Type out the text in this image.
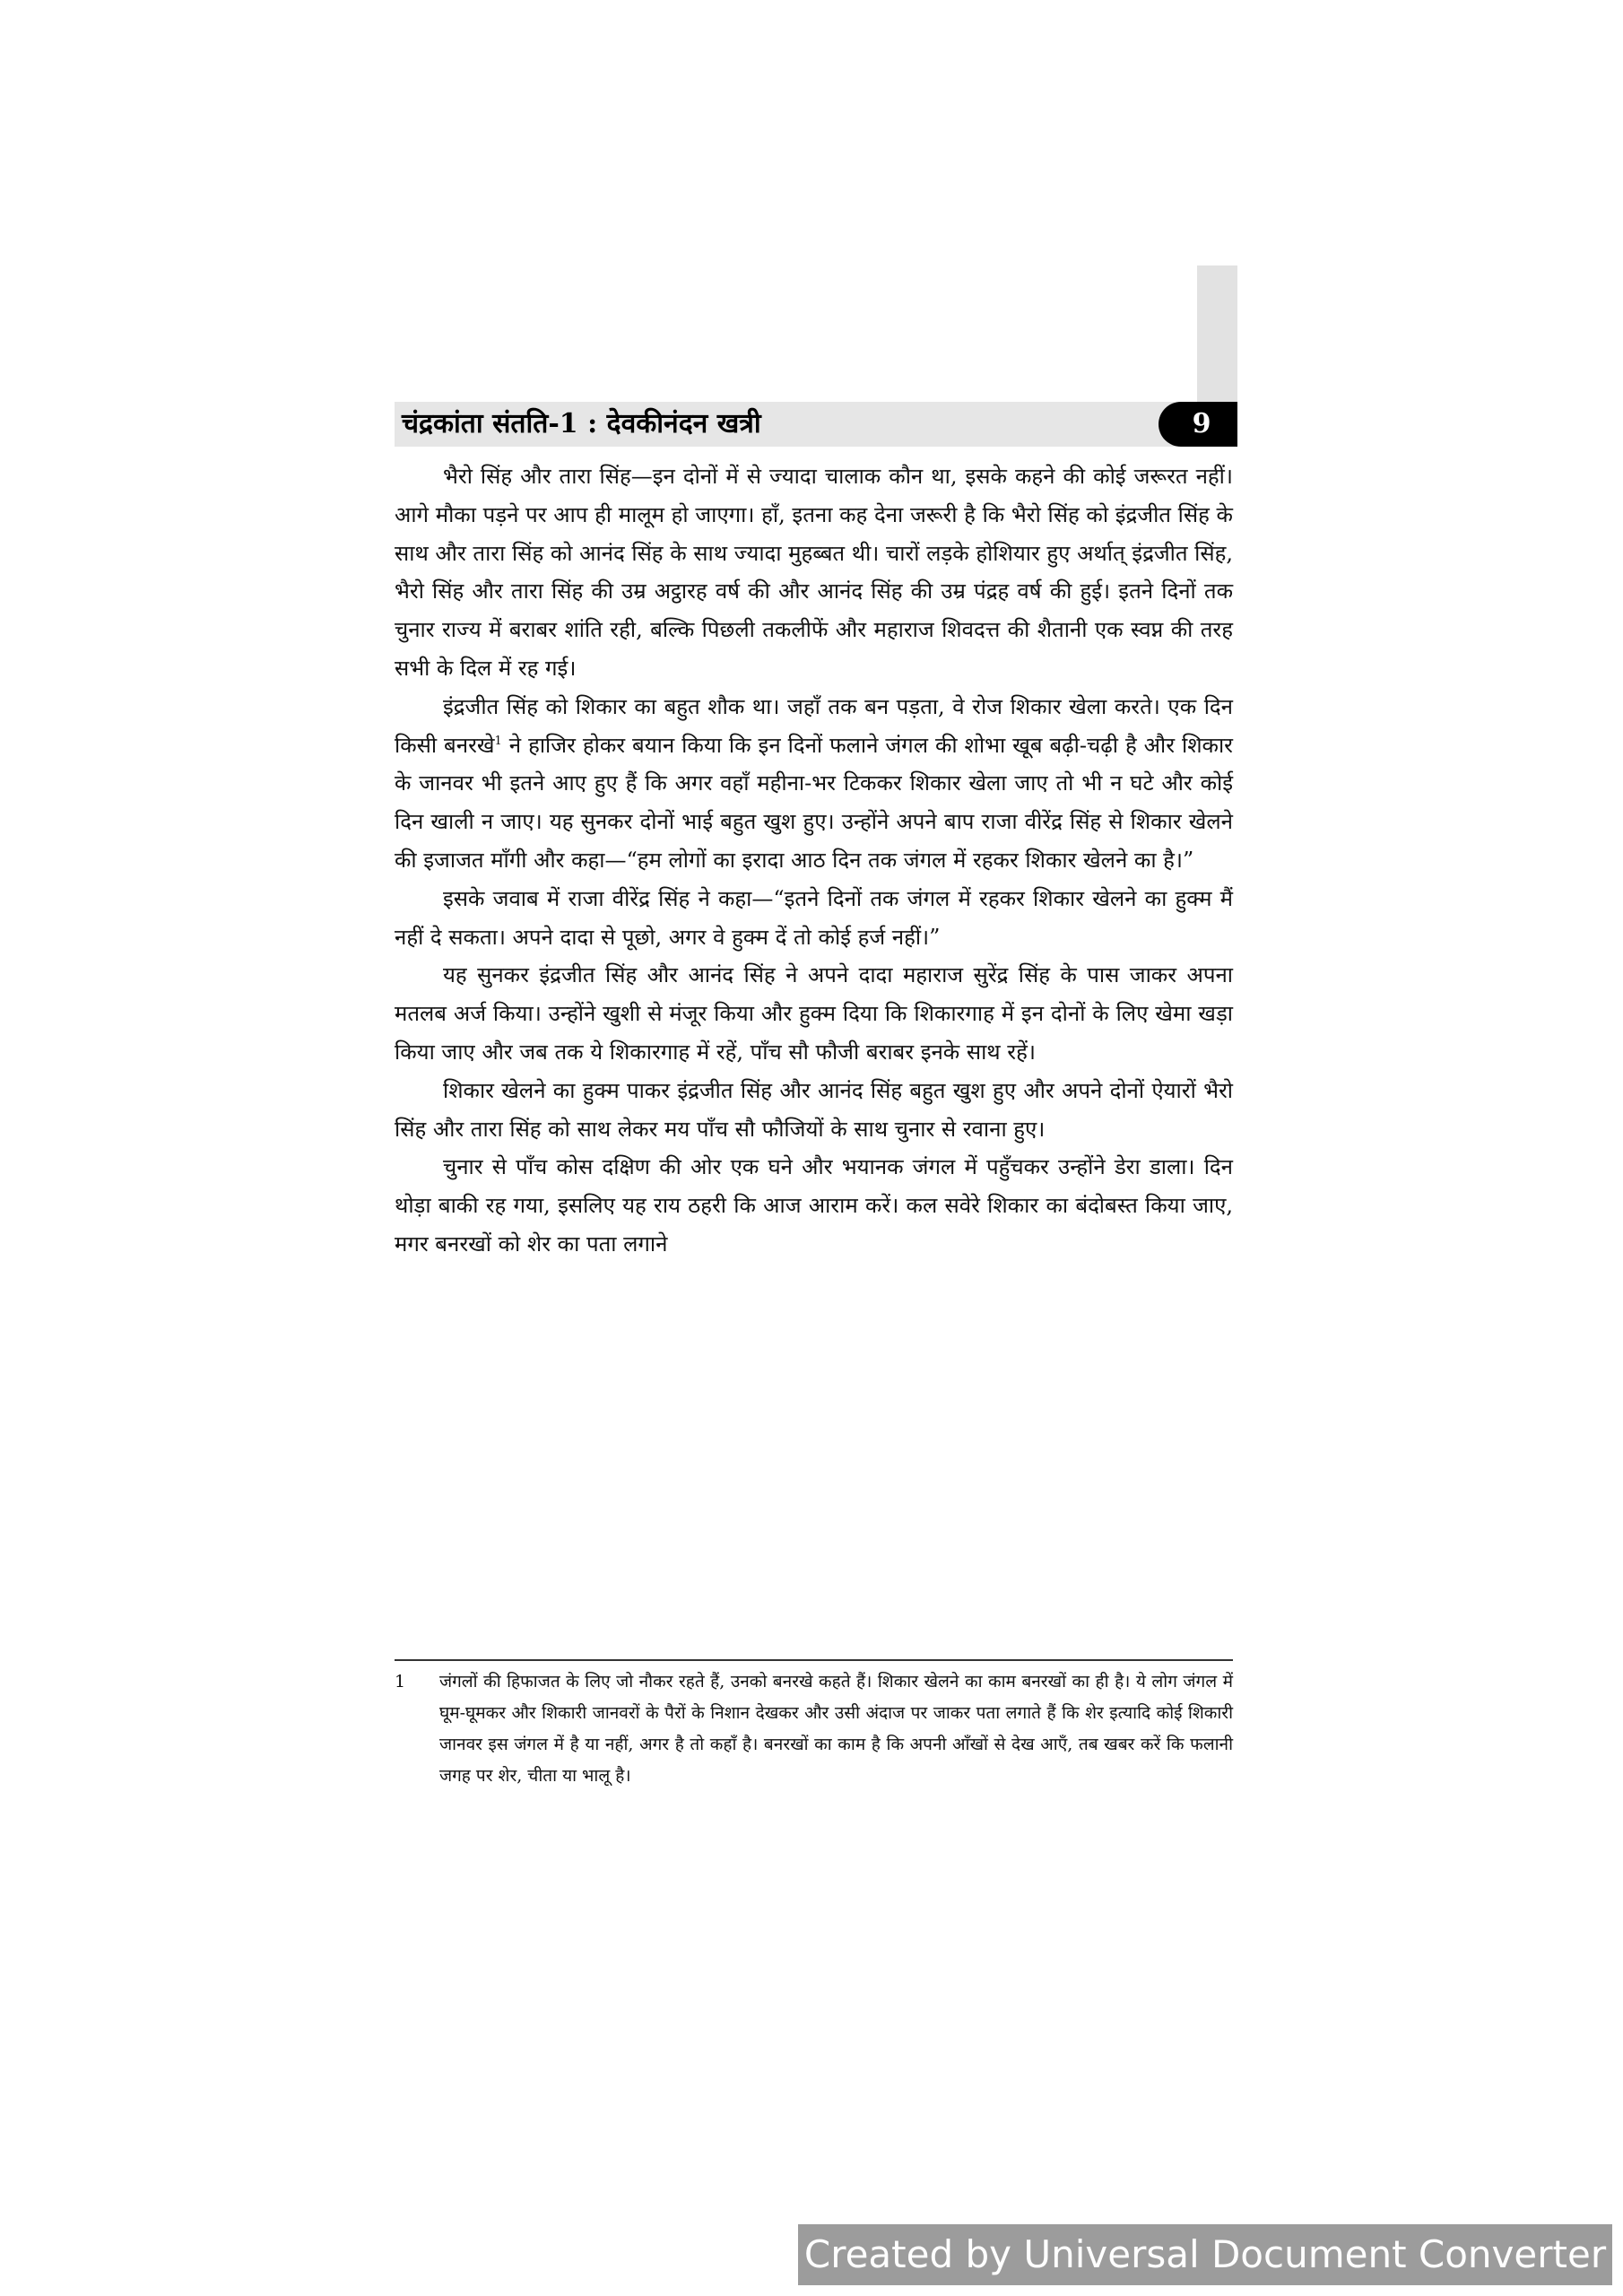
चंद्रकांता संतति-1 : देवकीनंदन खत्री	9

भैरो सिंह और तारा सिंह—इन दोनों में से ज्यादा चालाक कौन था, इसके कहने की कोई जरूरत नहीं। आगे मौका पड़ने पर आप ही मालूम हो जाएगा। हाँ, इतना कह देना जरूरी है कि भैरो सिंह को इंद्रजीत सिंह के साथ और तारा सिंह को आनंद सिंह के साथ ज्यादा मुहब्बत थी। चारों लड़के होशियार हुए अर्थात् इंद्रजीत सिंह, भैरो सिंह और तारा सिंह की उम्र अट्ठारह वर्ष की और आनंद सिंह की उम्र पंद्रह वर्ष की हुई। इतने दिनों तक चुनार राज्य में बराबर शांति रही, बल्कि पिछली तकलीफें और महाराज शिवदत्त की शैतानी एक स्वप्न की तरह सभी के दिल में रह गई।

इंद्रजीत सिंह को शिकार का बहुत शौक था। जहाँ तक बन पड़ता, वे रोज शिकार खेला करते। एक दिन किसी बनरखे$^1$ ने हाजिर होकर बयान किया कि इन दिनों फलाने जंगल की शोभा खूब बढ़ी-चढ़ी है और शिकार के जानवर भी इतने आए हुए हैं कि अगर वहाँ महीना-भर टिककर शिकार खेला जाए तो भी न घटे और कोई दिन खाली न जाए। यह सुनकर दोनों भाई बहुत खुश हुए। उन्होंने अपने बाप राजा वीरेंद्र सिंह से शिकार खेलने की इजाजत माँगी और कहा—“हम लोगों का इरादा आठ दिन तक जंगल में रहकर शिकार खेलने का है।”

इसके जवाब में राजा वीरेंद्र सिंह ने कहा—“इतने दिनों तक जंगल में रहकर शिकार खेलने का हुक्म मैं नहीं दे सकता। अपने दादा से पूछो, अगर वे हुक्म दें तो कोई हर्ज नहीं।”

यह सुनकर इंद्रजीत सिंह और आनंद सिंह ने अपने दादा महाराज सुरेंद्र सिंह के पास जाकर अपना मतलब अर्ज किया। उन्होंने खुशी से मंजूर किया और हुक्म दिया कि शिकारगाह में इन दोनों के लिए खेमा खड़ा किया जाए और जब तक ये शिकारगाह में रहें, पाँच सौ फौजी बराबर इनके साथ रहें।

शिकार खेलने का हुक्म पाकर इंद्रजीत सिंह और आनंद सिंह बहुत खुश हुए और अपने दोनों ऐयारों भैरो सिंह और तारा सिंह को साथ लेकर मय पाँच सौ फौजियों के साथ चुनार से रवाना हुए।

चुनार से पाँच कोस दक्षिण की ओर एक घने और भयानक जंगल में पहुँचकर उन्होंने डेरा डाला। दिन थोड़ा बाकी रह गया, इसलिए यह राय ठहरी कि आज आराम करें। कल सवेरे शिकार का बंदोबस्त किया जाए, मगर बनरखों को शेर का पता लगाने

1	जंगलों की हिफाजत के लिए जो नौकर रहते हैं, उनको बनरखे कहते हैं। शिकार खेलने का काम बनरखों का ही है। ये लोग जंगल में घूम-घूमकर और शिकारी जानवरों के पैरों के निशान देखकर और उसी अंदाज पर जाकर पता लगाते हैं कि शेर इत्यादि कोई शिकारी जानवर इस जंगल में है या नहीं, अगर है तो कहाँ है। बनरखों का काम है कि अपनी आँखों से देख आएँ, तब खबर करें कि फलानी जगह पर शेर, चीता या भालू है।
Created by Universal Document Converter
